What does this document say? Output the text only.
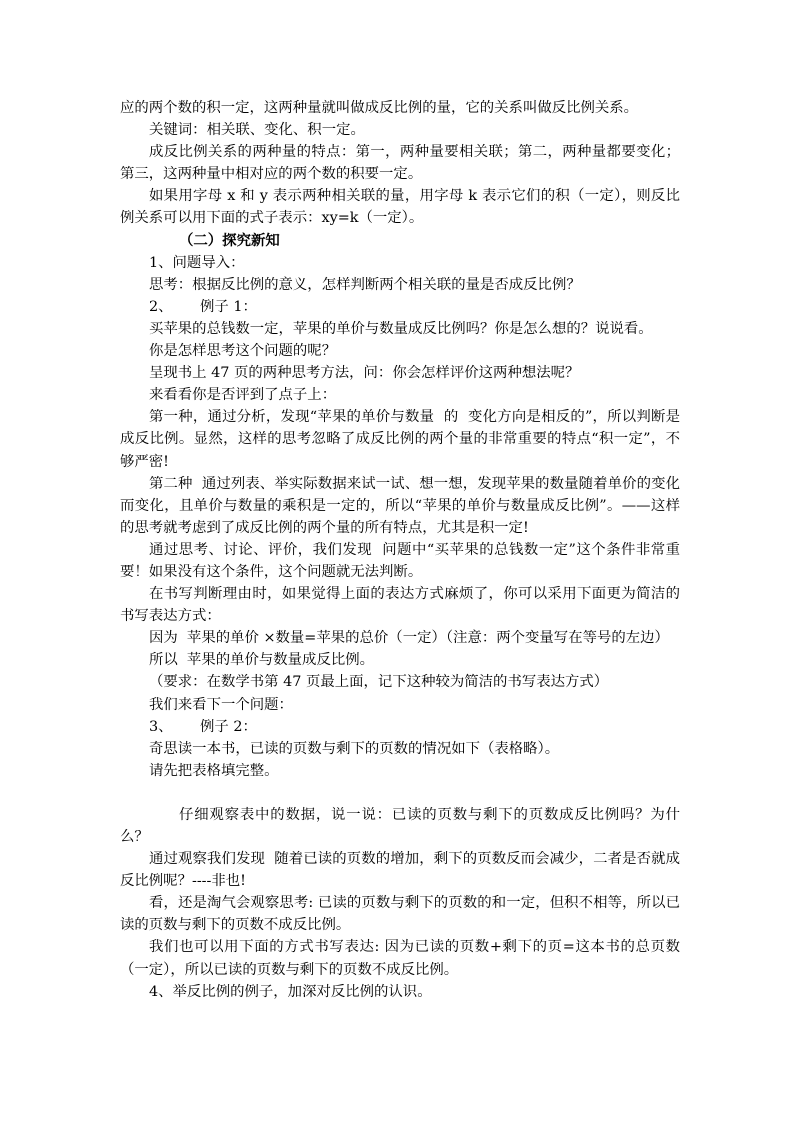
应的两个数的积一定，这两种量就叫做成反比例的量，它的关系叫做反比例关系。

关键词：相关联、变化、积一定。

成反比例关系的两种量的特点：第一，两种量要相关联；第二，两种量都要变化；第三，这两种量中相对应的两个数的积要一定。

如果用字母 x 和 y 表示两种相关联的量，用字母 k 表示它们的积（一定），则反比例关系可以用下面的式子表示：xy=k（一定）。

（二）探究新知

1、问题导入：

思考：根据反比例的意义，怎样判断两个相关联的量是否成反比例？

2、      例子 1：

买苹果的总钱数一定，苹果的单价与数量成反比例吗？你是怎么想的？说说看。

你是怎样思考这个问题的呢？

呈现书上 47 页的两种思考方法，问：你会怎样评价这两种想法呢？

来看看你是否评到了点子上：

第一种，通过分析，发现“苹果的单价与数量  的  变化方向是相反的”，所以判断是成反比例。显然，这样的思考忽略了成反比例的两个量的非常重要的特点“积一定”，不够严密!

第二种  通过列表、举实际数据来试一试、想一想，发现苹果的数量随着单价的变化而变化，且单价与数量的乘积是一定的，所以“苹果的单价与数量成反比例”。——这样的思考就考虑到了成反比例的两个量的所有特点，尤其是积一定!

通过思考、讨论、评价，我们发现  问题中“买苹果的总钱数一定”这个条件非常重要！如果没有这个条件，这个问题就无法判断。

在书写判断理由时，如果觉得上面的表达方式麻烦了，你可以采用下面更为简洁的书写表达方式：

因为  苹果的单价 ×数量=苹果的总价（一定）（注意：两个变量写在等号的左边）

所以  苹果的单价与数量成反比例。

（要求：在数学书第 47 页最上面，记下这种较为简洁的书写表达方式）

我们来看下一个问题：

3、      例子 2：

奇思读一本书，已读的页数与剩下的页数的情况如下（表格略）。

请先把表格填完整。

仔细观察表中的数据，说一说：已读的页数与剩下的页数成反比例吗？为什么？

通过观察我们发现  随着已读的页数的增加，剩下的页数反而会减少，二者是否就成反比例呢？----非也!

看，还是淘气会观察思考: 已读的页数与剩下的页数的和一定，但积不相等，所以已读的页数与剩下的页数不成反比例。

我们也可以用下面的方式书写表达: 因为已读的页数+剩下的页=这本书的总页数（一定），所以已读的页数与剩下的页数不成反比例。

4、举反比例的例子，加深对反比例的认识。
